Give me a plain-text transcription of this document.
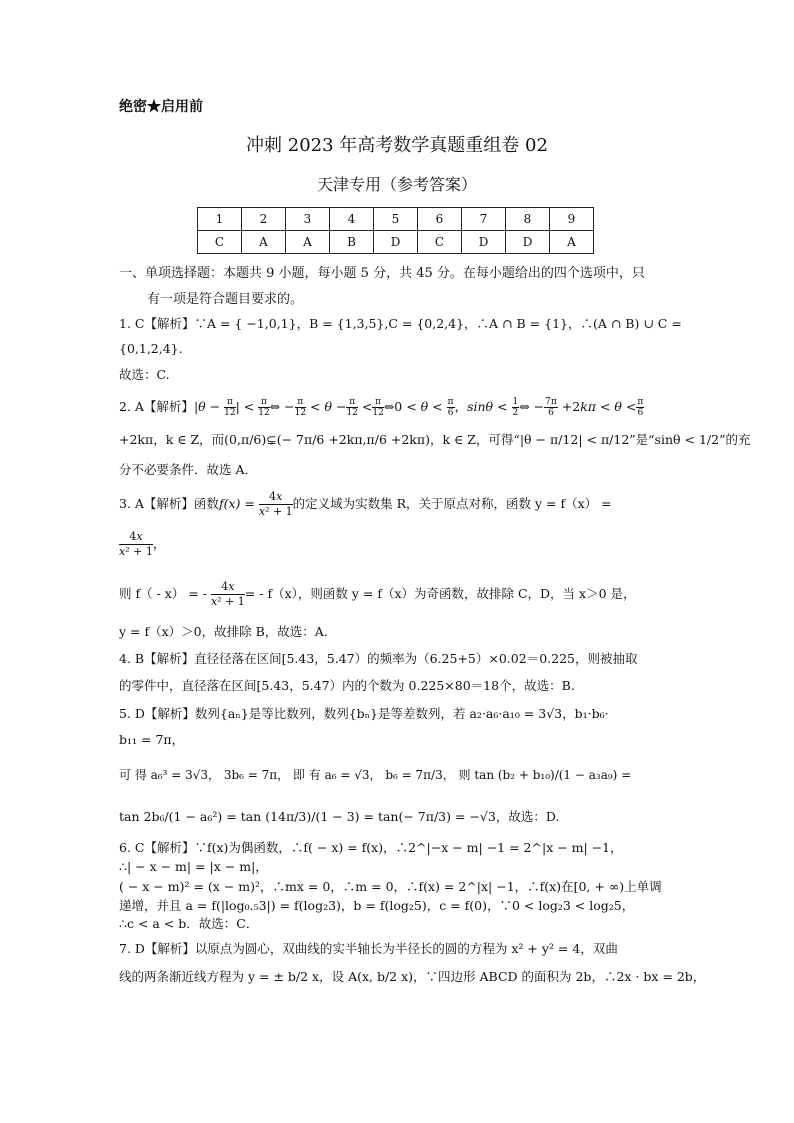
绝密★启用前
冲刺 2023 年高考数学真题重组卷 02
天津专用（参考答案）
1	2	3	4	5	6	7	8	9
C	A	A	B	D	C	D	D	A
一、单项选择题：本题共 9 小题，每小题 5 分，共 45 分。在每小题给出的四个选项中，只
有一项是符合题目要求的。
1. C【解析】∵A = { −1,0,1}，B = {1,3,5},C = {0,2,4}，∴A ∩ B = {1}，∴(A ∩ B) ∪ C =
{0,1,2,4}.
故选：C.
2. A【解析】$|\theta - \frac{\pi}{12}$ | < $\frac{\pi}{12}$ ⇔ − $\frac{\pi}{12} < \theta - \frac{\pi}{12} < \frac{\pi}{12}$ ⇔0 < $\theta < \frac{\pi}{6}$ ，$\sin\theta < \frac{1}{2}$ ⇔ − $\frac{7\pi}{6} +2k\pi < \theta < \frac{\pi}{6}$
+2kπ，k ∈ Z，而(0,π/6)⊊(− 7π/6 +2kπ,π/6 +2kπ)，k ∈ Z，可得“|θ − π/12| < π/12”是“sinθ < 1/2”的充
分不必要条件．故选 A．
3. A【解析】函数$f(x) = \frac{4x}{\text{x² + 1}}$ 的定义域为实数集 R，关于原点对称，函数 y = f（x） =
$\frac{4x}{\text{x² + 1}}$ ，
则 f（ - x） = - $\frac{4x}{\text{x² + 1}}$ = - f（x），则函数 y = f（x）为奇函数，故排除 C，D，当 x＞0 是，
y = f（x）＞0，故排除 B，故选：A．
4. B【解析】直径径落在区间[5.43，5.47）的频率为（6.25+5）×0.02＝0.225，则被抽取
的零件中，直径落在区间[5.43，5.47）内的个数为 0.225×80＝18个，故选：B.
5. D【解析】数列{aₙ}是等比数列，数列{bₙ}是等差数列，若 a₂·a₆·a₁₀ = 3√3，b₁·b₆·
b₁₁ = 7π，
可 得 a₆³ = 3√3， 3b₆ = 7π， 即 有 a₆ = √3， b₆ = 7π/3， 则 tan (b₂ + b₁₀)/(1 − a₃a₉) =
tan 2b₆/(1 − a₆²) = tan (14π/3)/(1 − 3) = tan(− 7π/3) = −√3，故选：D.
6. C【解析】∵f(x)为偶函数，∴f( − x) = f(x)，∴2^|−x − m| −1 = 2^|x − m| −1，
∴| − x − m| = |x − m|，
( − x − m)² = (x − m)²，∴mx = 0，∴m = 0，∴f(x) = 2^|x| −1，∴f(x)在[0, + ∞)上单调
递增，并且 a = f(|log₀.₅3|) = f(log₂3)，b = f(log₂5)，c = f(0)，∵0 < log₂3 < log₂5，
∴c < a < b．故选：C．
7. D【解析】以原点为圆心，双曲线的实半轴长为半径长的圆的方程为 x² + y² = 4，双曲
线的两条渐近线方程为 y = ± b/2 x，设 A(x, b/2 x)，∵四边形 ABCD 的面积为 2b，∴2x · bx = 2b，
